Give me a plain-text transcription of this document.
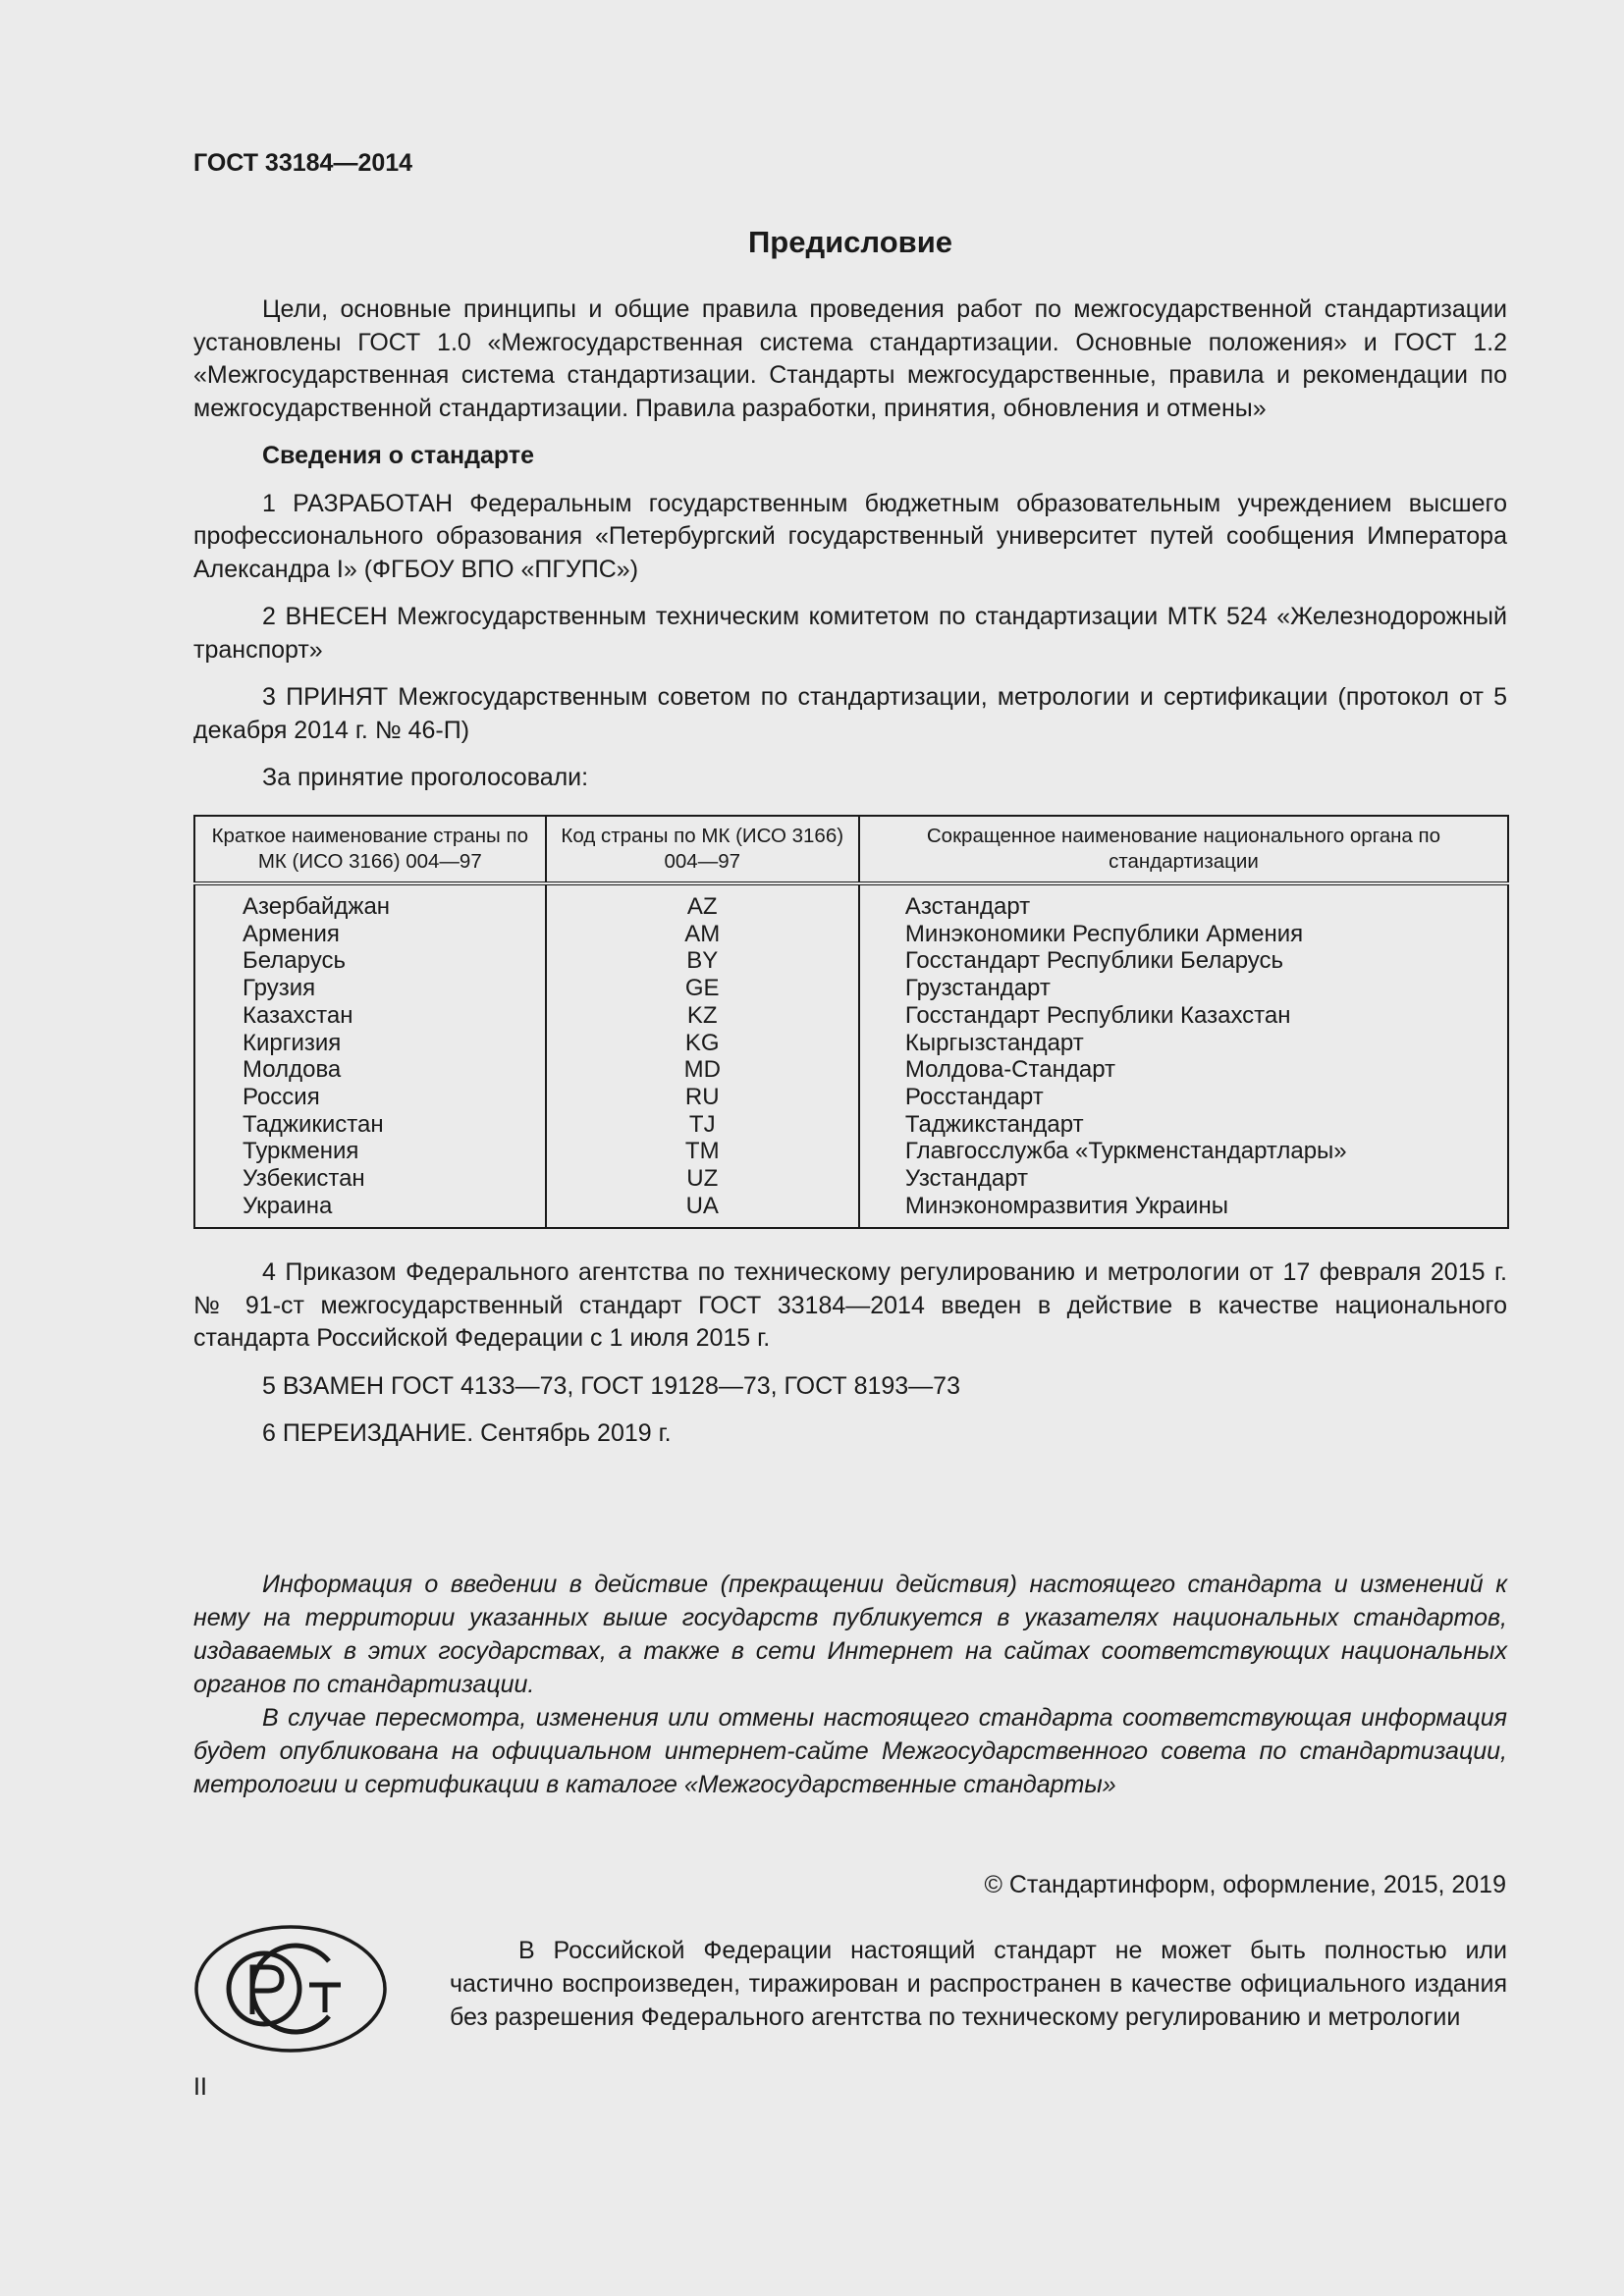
ГОСТ 33184—2014

Предисловие

Цели, основные принципы и общие правила проведения работ по межгосударственной стандартизации установлены ГОСТ 1.0 «Межгосударственная система стандартизации. Основные положения» и ГОСТ 1.2 «Межгосударственная система стандартизации. Стандарты межгосударственные, правила и рекомендации по межгосударственной стандартизации. Правила разработки, принятия, обновления и отмены»

Сведения о стандарте

1 РАЗРАБОТАН Федеральным государственным бюджетным образовательным учреждением высшего профессионального образования «Петербургский государственный университет путей сообщения Императора Александра I» (ФГБОУ ВПО «ПГУПС»)

2 ВНЕСЕН Межгосударственным техническим комитетом по стандартизации МТК 524 «Железнодорожный транспорт»

3 ПРИНЯТ Межгосударственным советом по стандартизации, метрологии и сертификации (протокол от 5 декабря 2014 г. № 46-П)

За принятие проголосовали:

Краткое наименование страны по МК (ИСО 3166) 004—97	Код страны по МК (ИСО 3166) 004—97	Сокращенное наименование национального органа по стандартизации
Азербайджан	AZ	Азстандарт
Армения	AM	Минэкономики Республики Армения
Беларусь	BY	Госстандарт Республики Беларусь
Грузия	GE	Грузстандарт
Казахстан	KZ	Госстандарт Республики Казахстан
Киргизия	KG	Кыргызстандарт
Молдова	MD	Молдова-Стандарт
Россия	RU	Росстандарт
Таджикистан	TJ	Таджикстандарт
Туркмения	TM	Главгосслужба «Туркменстандартлары»
Узбекистан	UZ	Узстандарт
Украина	UA	Минэкономразвития Украины

4 Приказом Федерального агентства по техническому регулированию и метрологии от 17 февраля 2015 г. № 91-ст межгосударственный стандарт ГОСТ 33184—2014 введен в действие в качестве национального стандарта Российской Федерации с 1 июля 2015 г.

5 ВЗАМЕН ГОСТ 4133—73, ГОСТ 19128—73, ГОСТ 8193—73

6 ПЕРЕИЗДАНИЕ. Сентябрь 2019 г.

Информация о введении в действие (прекращении действия) настоящего стандарта и изменений к нему на территории указанных выше государств публикуется в указателях национальных стандартов, издаваемых в этих государствах, а также в сети Интернет на сайтах соответствующих национальных органов по стандартизации.

В случае пересмотра, изменения или отмены настоящего стандарта соответствующая информация будет опубликована на официальном интернет-сайте Межгосударственного совета по стандартизации, метрологии и сертификации в каталоге «Межгосударственные стандарты»

© Стандартинформ, оформление, 2015, 2019

В Российской Федерации настоящий стандарт не может быть полностью или частично воспроизведен, тиражирован и распространен в качестве официального издания без разрешения Федерального агентства по техническому регулированию и метрологии

II
